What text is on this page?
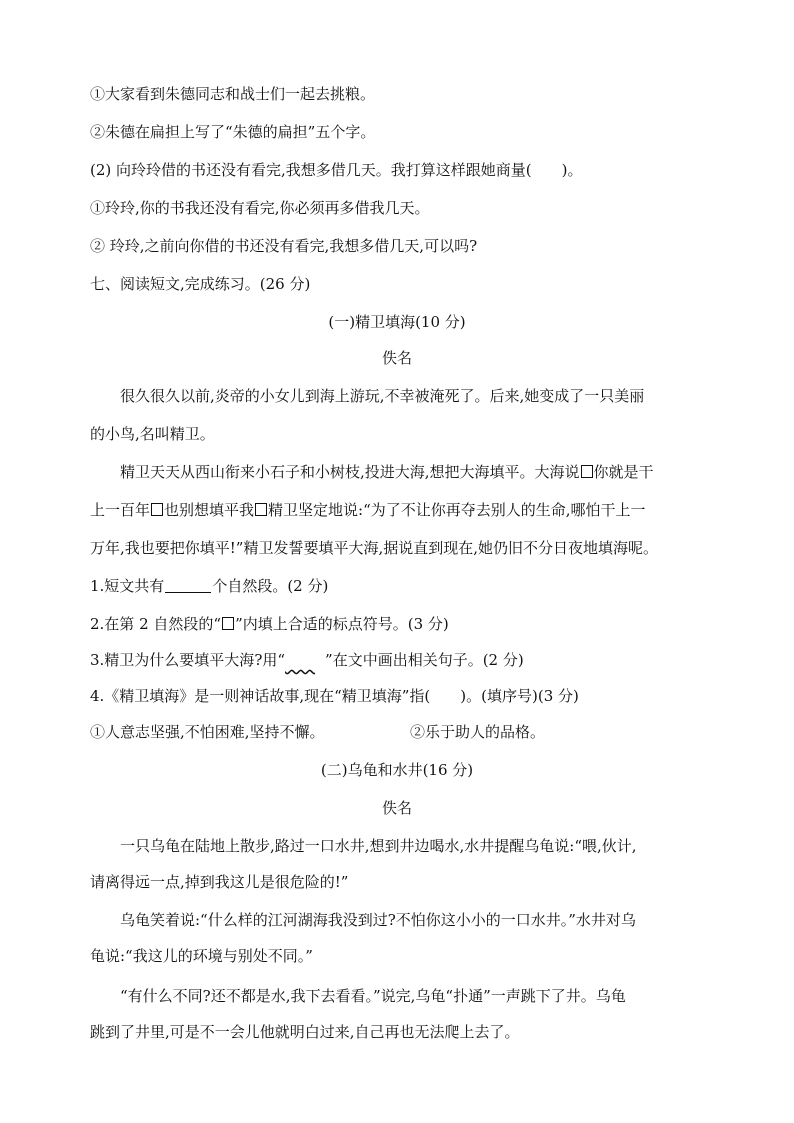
①大家看到朱德同志和战士们一起去挑粮。
②朱德在扁担上写了“朱德的扁担”五个字。
(2) 向玲玲借的书还没有看完,我想多借几天。我打算这样跟她商量(　　 )。
①玲玲,你的书我还没有看完,你必须再多借我几天。
② 玲玲,之前向你借的书还没有看完,我想多借几天,可以吗?
七、阅读短文,完成练习。(26 分)
(一)精卫填海(10 分)
佚名
很久很久以前,炎帝的小女儿到海上游玩,不幸被淹死了。后来,她变成了一只美丽
的小鸟,名叫精卫。
精卫天天从西山衔来小石子和小树枝,投进大海,想把大海填平。大海说 你就是干
上一百年 也别想填平我 精卫坚定地说:“为了不让你再夺去别人的生命,哪怕干上一
万年,我也要把你填平!”精卫发誓要填平大海,据说直到现在,她仍旧不分日夜地填海呢。
1.短文共有	个自然段。(2 分)
2.在第 2 自然段的“ ”内填上合适的标点符号。(3 分)
3.精卫为什么要填平大海?用“    	”在文中画出相关句子。(2 分)
4.《精卫填海》是一则神话故事,现在“精卫填海”指(　　 )。(填序号)(3 分)
①人意志坚强,不怕困难,坚持不懈。	②乐于助人的品格。
(二)乌龟和水井(16 分)
佚名
一只乌龟在陆地上散步,路过一口水井,想到井边喝水,水井提醒乌龟说:“喂,伙计,
请离得远一点,掉到我这儿是很危险的!”
乌龟笑着说:“什么样的江河湖海我没到过?不怕你这小小的一口水井。”水井对乌
龟说:“我这儿的环境与别处不同。”
“有什么不同?还不都是水,我下去看看。”说完,乌龟“扑通”一声跳下了井。乌龟
跳到了井里,可是不一会儿他就明白过来,自己再也无法爬上去了。
